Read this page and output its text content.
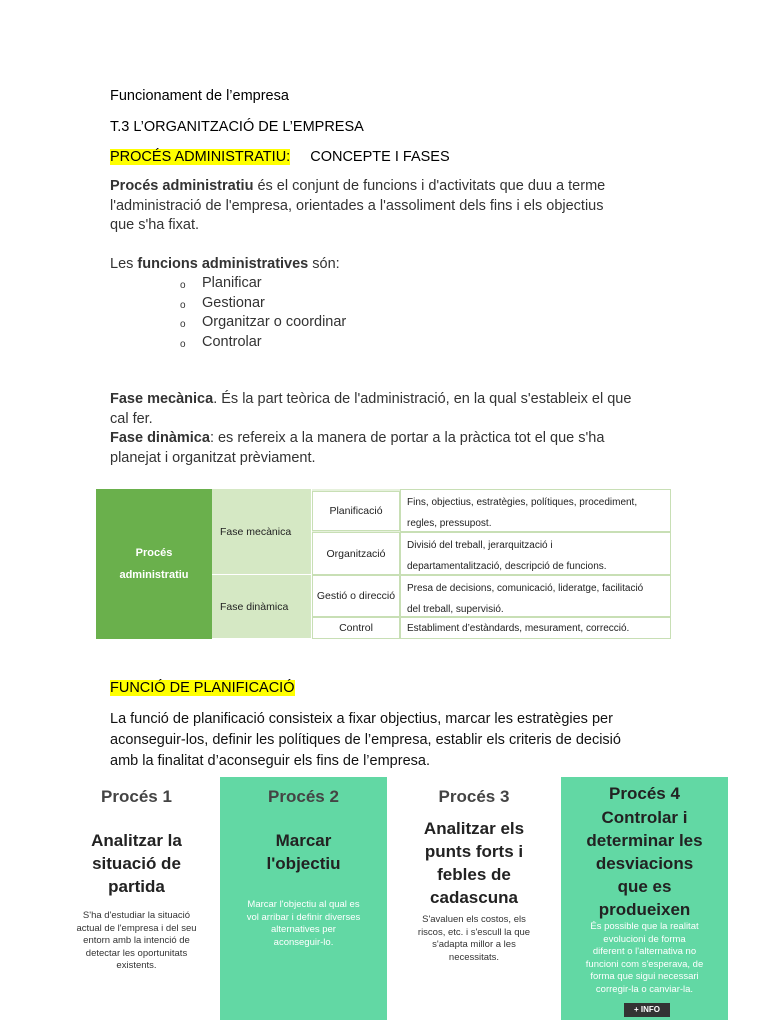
Funcionament de l’empresa
T.3 L’ORGANITZACIÓ DE L’EMPRESA
PROCÉS ADMINISTRATIU: CONCEPTE I FASES
Procés administratiu és el conjunt de funcions i d'activitats que duu a terme
l'administració de l'empresa, orientades a l'assoliment dels fins i els objectius
que s'ha fixat.
Les funcions administratives són:
o Planificar
o Gestionar
o Organitzar o coordinar
o Controlar
Fase mecànica. És la part teòrica de l'administració, en la qual s'estableix el que
cal fer.
Fase dinàmica: es refereix a la manera de portar a la pràctica tot el que s'ha
planejat i organitzat prèviament.
Procés
administratiu
Fase mecànica
Fase dinàmica
Planificació
Fins, objectius, estratègies, polítiques, procediment,
regles, pressupost.
Organització
Divisió del treball, jerarquització i
departamentalització, descripció de funcions.
Gestió o direcció
Presa de decisions, comunicació, lideratge, facilitació
del treball, supervisió.
Control	Establiment d’estàndards, mesurament, correcció.
FUNCIÓ DE PLANIFICACIÓ
La funció de planificació consisteix a fixar objectius, marcar les estratègies per
aconseguir-los, definir les polítiques de l’empresa, establir els criteris de decisió
amb la finalitat d’aconseguir els fins de l’empresa.
Procés 1
Analitzar la
situació de
partida
S'ha d'estudiar la situació
actual de l'empresa i del seu
entorn amb la intenció de
detectar les oportunitats
existents.
Procés 2
Marcar
l'objectiu
Marcar l'objectiu al qual es
vol arribar i definir diverses
alternatives per
aconseguir-lo.
Procés 3
Analitzar els
punts forts i
febles de
cadascuna
S'avaluen els costos, els
riscos, etc. i s'escull la que
s'adapta millor a les
necessitats.
Procés 4
Controlar i
determinar les
desviacions
que es
produeixen
És possible que la realitat
evolucioni de forma
diferent o l'alternativa no
funcioni com s'esperava, de
forma que sigui necessari
corregir-la o canviar-la.
+ INFO
